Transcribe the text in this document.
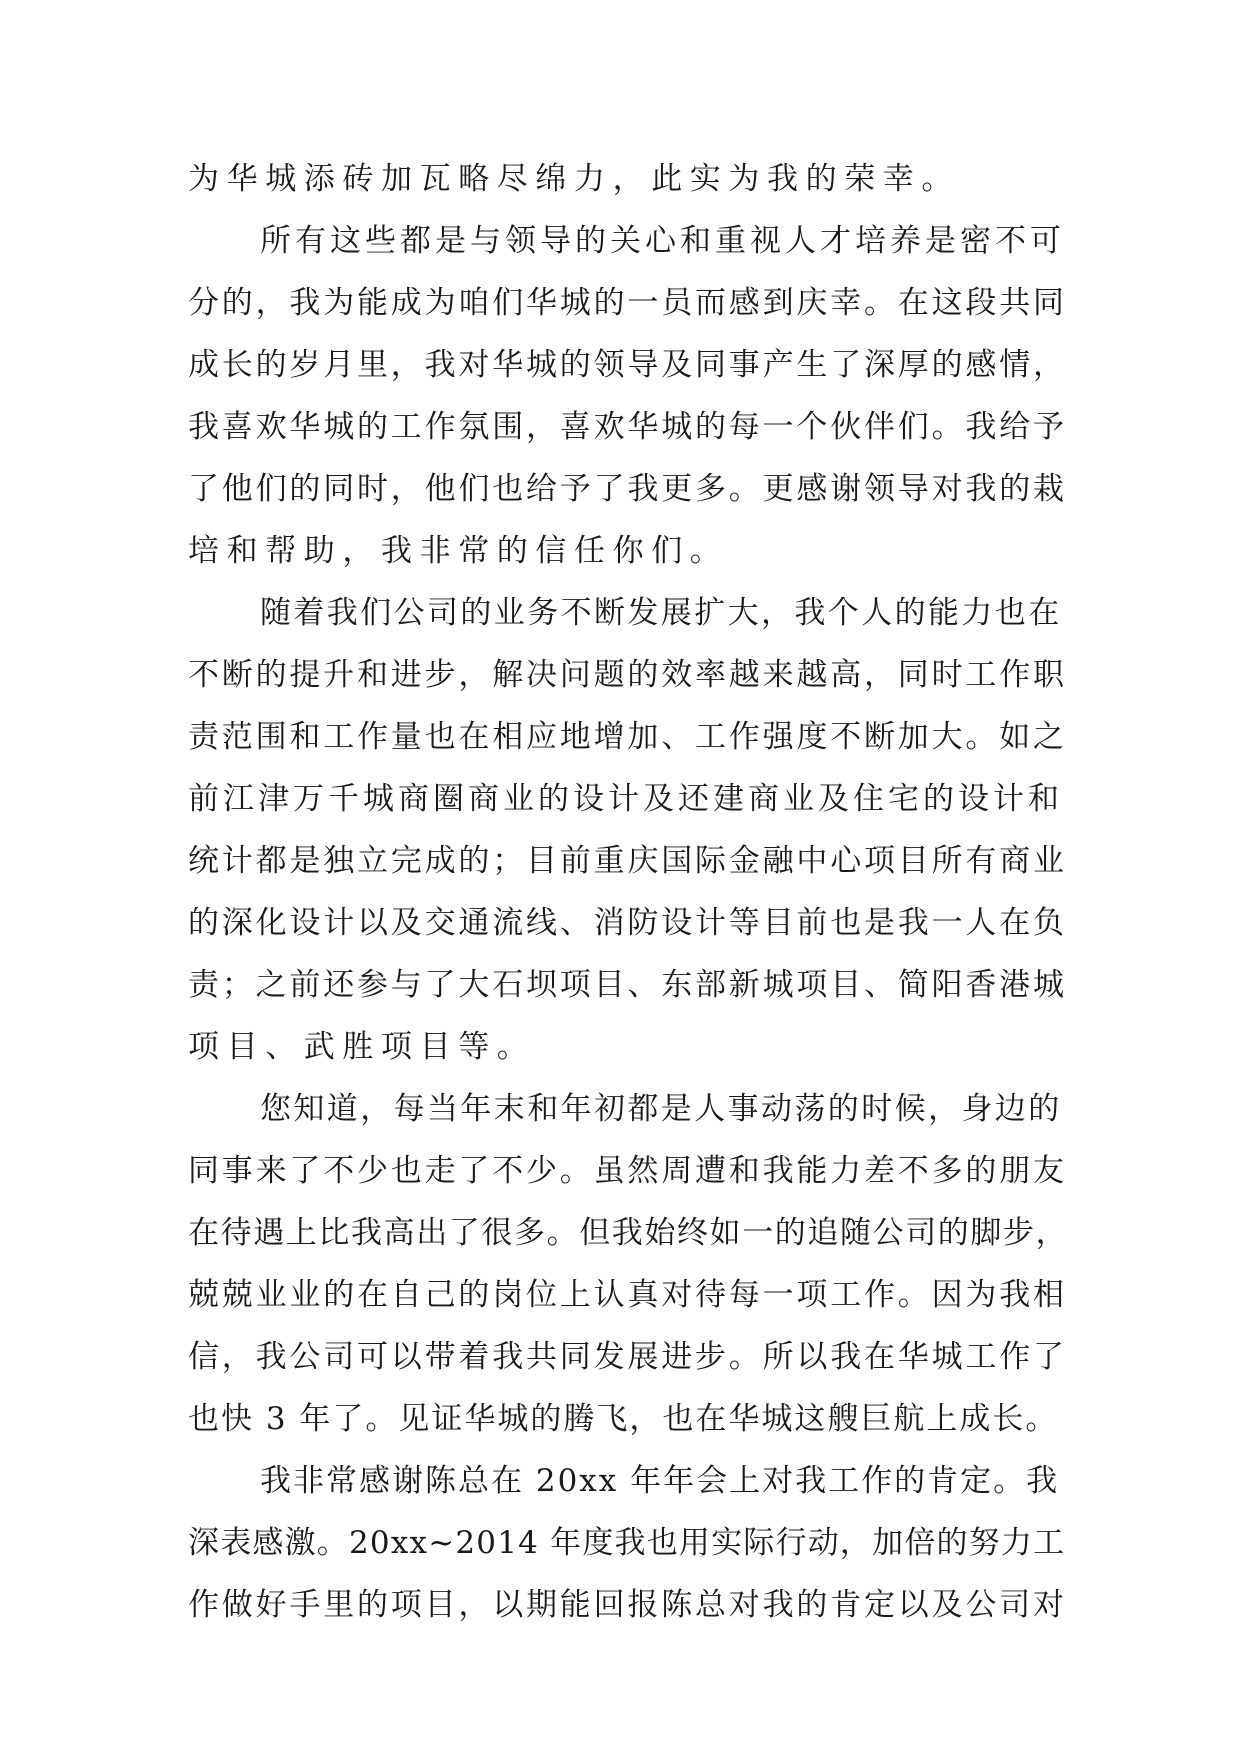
为华城添砖加瓦略尽绵力，此实为我的荣幸。
所有这些都是与领导的关心和重视人才培养是密不可
分的，我为能成为咱们华城的一员而感到庆幸。在这段共同
成长的岁月里，我对华城的领导及同事产生了深厚的感情，
我喜欢华城的工作氛围，喜欢华城的每一个伙伴们。我给予
了他们的同时，他们也给予了我更多。更感谢领导对我的栽
培和帮助，我非常的信任你们。
随着我们公司的业务不断发展扩大，我个人的能力也在
不断的提升和进步，解决问题的效率越来越高，同时工作职
责范围和工作量也在相应地增加、工作强度不断加大。如之
前江津万千城商圈商业的设计及还建商业及住宅的设计和
统计都是独立完成的；目前重庆国际金融中心项目所有商业
的深化设计以及交通流线、消防设计等目前也是我一人在负
责；之前还参与了大石坝项目、东部新城项目、简阳香港城
项目、武胜项目等。
您知道，每当年末和年初都是人事动荡的时候，身边的
同事来了不少也走了不少。虽然周遭和我能力差不多的朋友
在待遇上比我高出了很多。但我始终如一的追随公司的脚步，
兢兢业业的在自己的岗位上认真对待每一项工作。因为我相
信，我公司可以带着我共同发展进步。所以我在华城工作了
也快 3 年了。见证华城的腾飞，也在华城这艘巨航上成长。
我非常感谢陈总在 20xx 年年会上对我工作的肯定。我
深表感激。20xx~2014 年度我也用实际行动，加倍的努力工
作做好手里的项目，以期能回报陈总对我的肯定以及公司对
